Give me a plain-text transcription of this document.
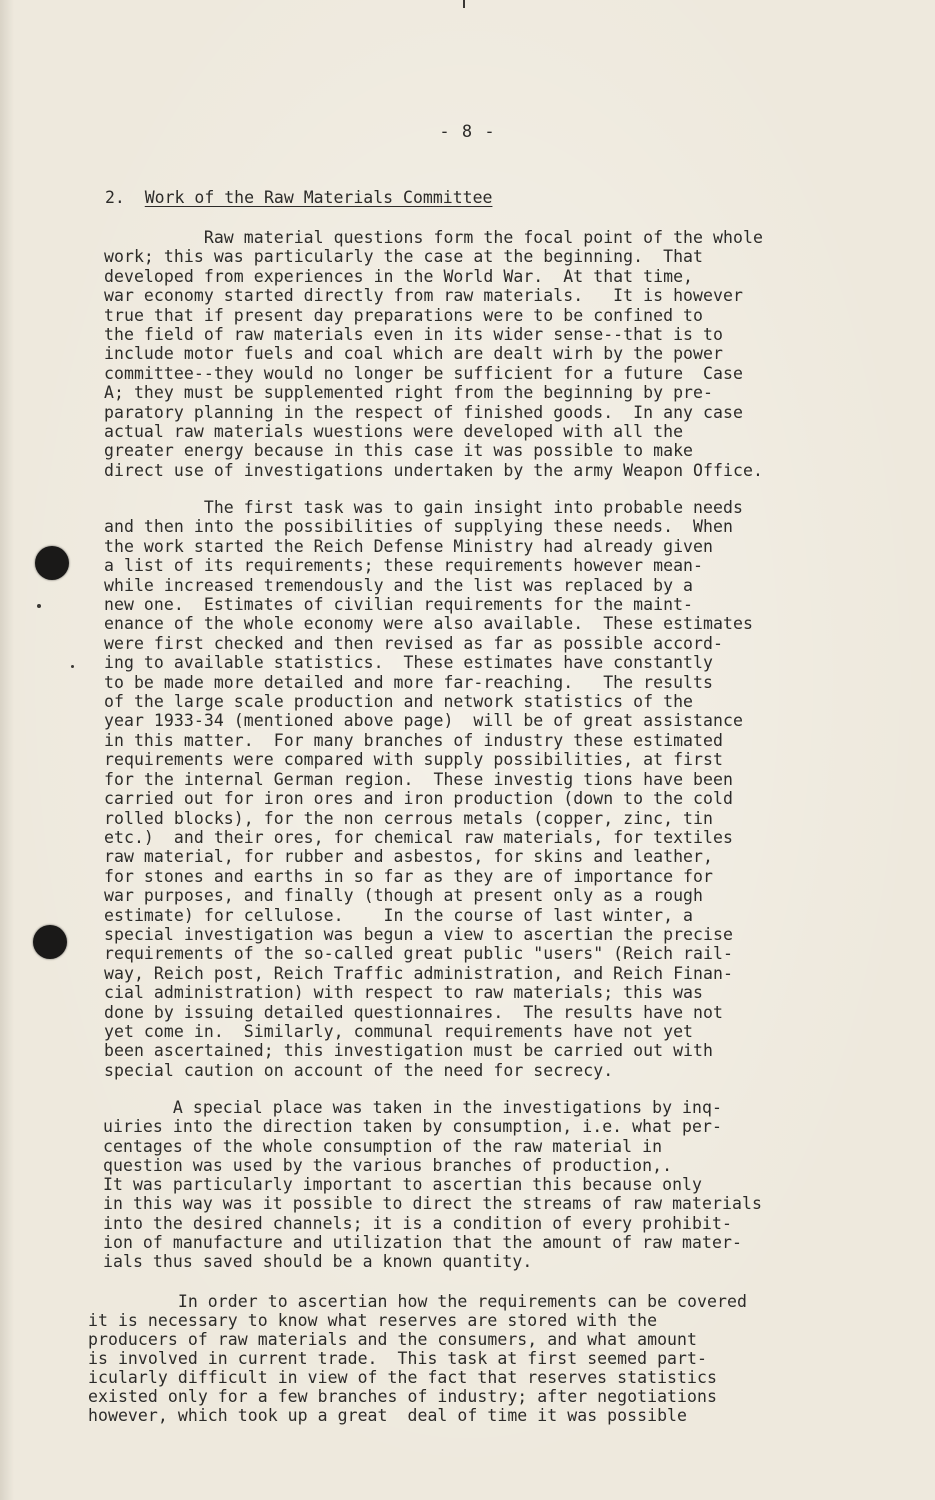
- 8 -
2. Work of the Raw Materials Committee
Raw material questions form the focal point of the whole
work; this was particularly the case at the beginning.  That
developed from experiences in the World War.  At that time,
war economy started directly from raw materials.   It is however
true that if present day preparations were to be confined to
the field of raw materials even in its wider sense--that is to
include motor fuels and coal which are dealt wirh by the power
committee--they would no longer be sufficient for a future  Case
A; they must be supplemented right from the beginning by pre-
paratory planning in the respect of finished goods.  In any case
actual raw materials wuestions were developed with all the
greater energy because in this case it was possible to make
direct use of investigations undertaken by the army Weapon Office.
The first task was to gain insight into probable needs
and then into the possibilities of supplying these needs.  When
the work started the Reich Defense Ministry had already given
a list of its requirements; these requirements however mean-
while increased tremendously and the list was replaced by a
new one.  Estimates of civilian requirements for the maint-
enance of the whole economy were also available.  These estimates
were first checked and then revised as far as possible accord-
ing to available statistics.  These estimates have constantly
to be made more detailed and more far-reaching.   The results
of the large scale production and network statistics of the
year 1933-34 (mentioned above page)  will be of great assistance
in this matter.  For many branches of industry these estimated
requirements were compared with supply possibilities, at first
for the internal German region.  These investig tions have been
carried out for iron ores and iron production (down to the cold
rolled blocks), for the non cerrous metals (copper, zinc, tin
etc.)  and their ores, for chemical raw materials, for textiles
raw material, for rubber and asbestos, for skins and leather,
for stones and earths in so far as they are of importance for
war purposes, and finally (though at present only as a rough
estimate) for cellulose.    In the course of last winter, a
special investigation was begun a view to ascertian the precise
requirements of the so-called great public "users" (Reich rail-
way, Reich post, Reich Traffic administration, and Reich Finan-
cial administration) with respect to raw materials; this was
done by issuing detailed questionnaires.  The results have not
yet come in.  Similarly, communal requirements have not yet
been ascertained; this investigation must be carried out with
special caution on account of the need for secrecy.
A special place was taken in the investigations by inq-
uiries into the direction taken by consumption, i.e. what per-
centages of the whole consumption of the raw material in
question was used by the various branches of production,.
It was particularly important to ascertian this because only
in this way was it possible to direct the streams of raw materials
into the desired channels; it is a condition of every prohibit-
ion of manufacture and utilization that the amount of raw mater-
ials thus saved should be a known quantity.
In order to ascertian how the requirements can be covered
it is necessary to know what reserves are stored with the
producers of raw materials and the consumers, and what amount
is involved in current trade.  This task at first seemed part-
icularly difficult in view of the fact that reserves statistics
existed only for a few branches of industry; after negotiations
however, which took up a great  deal of time it was possible
